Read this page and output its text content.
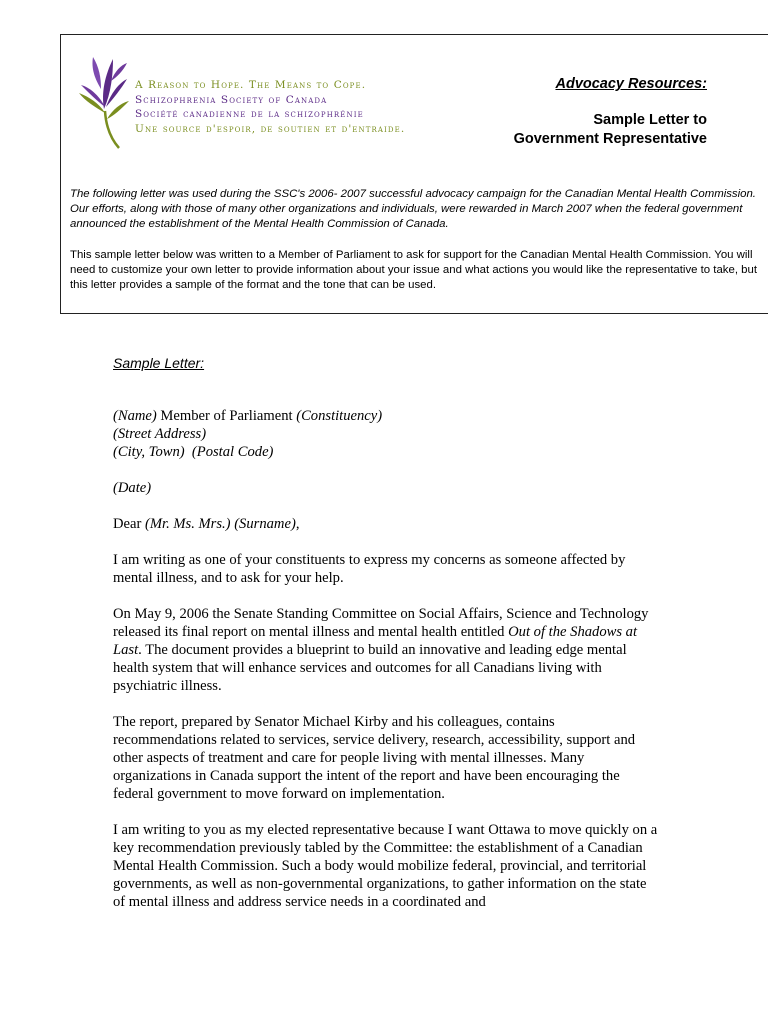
A Reason to Hope. The Means to Cope.
Schizophrenia Society of Canada
Société canadienne de la schizophrénie
Une source d'espoir, de soutien et d'entraide.
Advocacy Resources:
Sample Letter to
Government Representative

The following letter was used during the SSC's 2006- 2007 successful advocacy campaign for the Canadian Mental Health Commission. Our efforts, along with those of many other organizations and individuals, were rewarded in March 2007 when the federal government announced the establishment of the Mental Health Commission of Canada.

This sample letter below was written to a Member of Parliament to ask for support for the Canadian Mental Health Commission. You will need to customize your own letter to provide information about your issue and what actions you would like the representative to take, but this letter provides a sample of the format and the tone that can be used.

Sample Letter:

(Name) Member of Parliament (Constituency)

(Street Address)

(City, Town)  (Postal Code)

(Date)

Dear (Mr. Ms. Mrs.) (Surname),

I am writing as one of your constituents to express my concerns as someone affected by mental illness, and to ask for your help.

On May 9, 2006 the Senate Standing Committee on Social Affairs, Science and Technology released its final report on mental illness and mental health entitled Out of the Shadows at Last. The document provides a blueprint to build an innovative and leading edge mental health system that will enhance services and outcomes for all Canadians living with psychiatric illness.

The report, prepared by Senator Michael Kirby and his colleagues, contains recommendations related to services, service delivery, research, accessibility, support and other aspects of treatment and care for people living with mental illnesses. Many organizations in Canada support the intent of the report and have been encouraging the federal government to move forward on implementation.

I am writing to you as my elected representative because I want Ottawa to move quickly on a key recommendation previously tabled by the Committee: the establishment of a Canadian Mental Health Commission. Such a body would mobilize federal, provincial, and territorial governments, as well as non-governmental organizations, to gather information on the state of mental illness and address service needs in a coordinated and
